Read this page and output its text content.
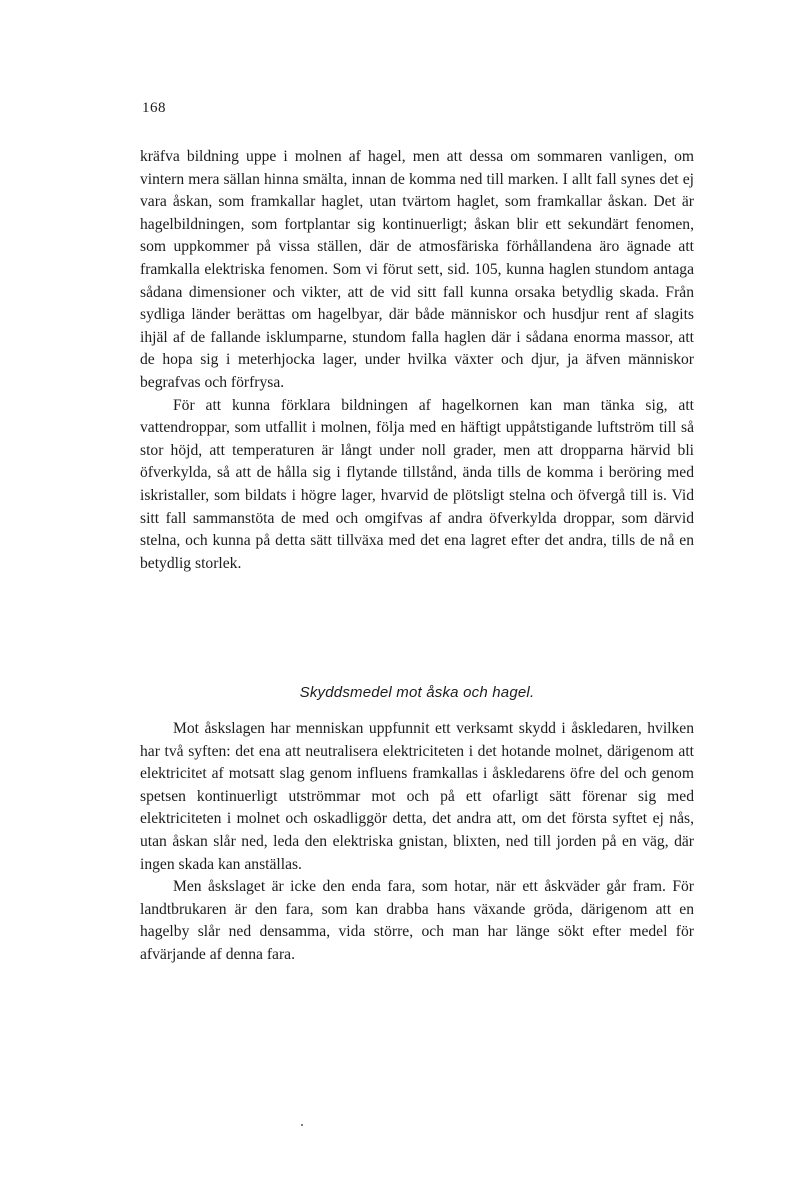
168

kräfva bildning uppe i molnen af hagel, men att dessa om sommaren vanligen, om vintern mera sällan hinna smälta, innan de komma ned till marken. I allt fall synes det ej vara åskan, som framkallar haglet, utan tvärtom haglet, som framkallar åskan. Det är hagelbildningen, som fortplantar sig kontinuerligt; åskan blir ett sekundärt fenomen, som uppkommer på vissa ställen, där de atmosfäriska förhållandena äro ägnade att framkalla elektriska fenomen. Som vi förut sett, sid. 105, kunna haglen stundom antaga sådana dimensioner och vikter, att de vid sitt fall kunna orsaka betydlig skada. Från sydliga länder berättas om hagelbyar, där både människor och husdjur rent af slagits ihjäl af de fallande isklumparne, stundom falla haglen där i sådana enorma massor, att de hopa sig i meterhjocka lager, under hvilka växter och djur, ja äfven människor begrafvas och förfrysa.

För att kunna förklara bildningen af hagelkornen kan man tänka sig, att vattendroppar, som utfallit i molnen, följa med en häftigt uppåtstigande luftström till så stor höjd, att temperaturen är långt under noll grader, men att dropparna härvid bli öfverkylda, så att de hålla sig i flytande tillstånd, ända tills de komma i beröring med iskristaller, som bildats i högre lager, hvarvid de plötsligt stelna och öfvergå till is. Vid sitt fall sammanstöta de med och omgifvas af andra öfverkylda droppar, som därvid stelna, och kunna på detta sätt tillväxa med det ena lagret efter det andra, tills de nå en betydlig storlek.

Skyddsmedel mot åska och hagel.

Mot åskslagen har menniskan uppfunnit ett verksamt skydd i åskledaren, hvilken har två syften: det ena att neutralisera elektriciteten i det hotande molnet, därigenom att elektricitet af motsatt slag genom influens framkallas i åskledarens öfre del och genom spetsen kontinuerligt utströmmar mot och på ett ofarligt sätt förenar sig med elektriciteten i molnet och oskadliggör detta, det andra att, om det första syftet ej nås, utan åskan slår ned, leda den elektriska gnistan, blixten, ned till jorden på en väg, där ingen skada kan anställas.

Men åskslaget är icke den enda fara, som hotar, när ett åskväder går fram. För landtbrukaren är den fara, som kan drabba hans växande gröda, därigenom att en hagelby slår ned densamma, vida större, och man har länge sökt efter medel för afvärjande af denna fara.
